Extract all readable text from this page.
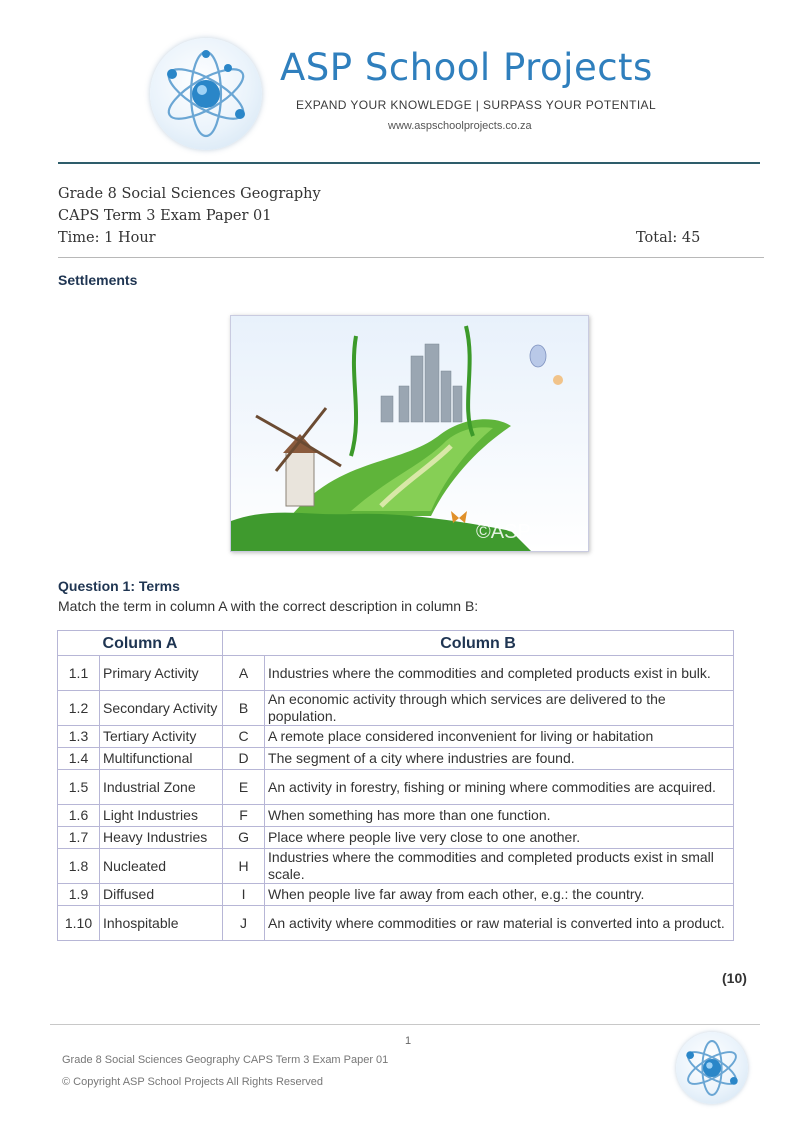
ASP School Projects
EXPAND YOUR KNOWLEDGE | SURPASS YOUR POTENTIAL
www.aspschoolprojects.co.za
Grade 8 Social Sciences Geography
CAPS Term 3 Exam Paper 01
Time: 1 Hour	Total: 45
Settlements
©ASP
Question 1: Terms
Match the term in column A with the correct description in column B:
Column A		Column B	
1.1	Primary Activity	A	Industries where the commodities and completed products exist in bulk.
1.2	Secondary Activity	B	An economic activity through which services are delivered to the population.
1.3	Tertiary Activity	C	A remote place considered inconvenient for living or habitation
1.4	Multifunctional	D	The segment of a city where industries are found.
1.5	Industrial Zone	E	An activity in forestry, fishing or mining where commodities are acquired.
1.6	Light Industries	F	When something has more than one function.
1.7	Heavy Industries	G	Place where people live very close to one another.
1.8	Nucleated	H	Industries where the commodities and completed products exist in small scale.
1.9	Diffused	I	When people live far away from each other, e.g.: the country.
1.10	Inhospitable	J	An activity where commodities or raw material is converted into a product.
(10)
1
Grade 8 Social Sciences Geography CAPS Term 3 Exam Paper 01
© Copyright ASP School Projects All Rights Reserved
